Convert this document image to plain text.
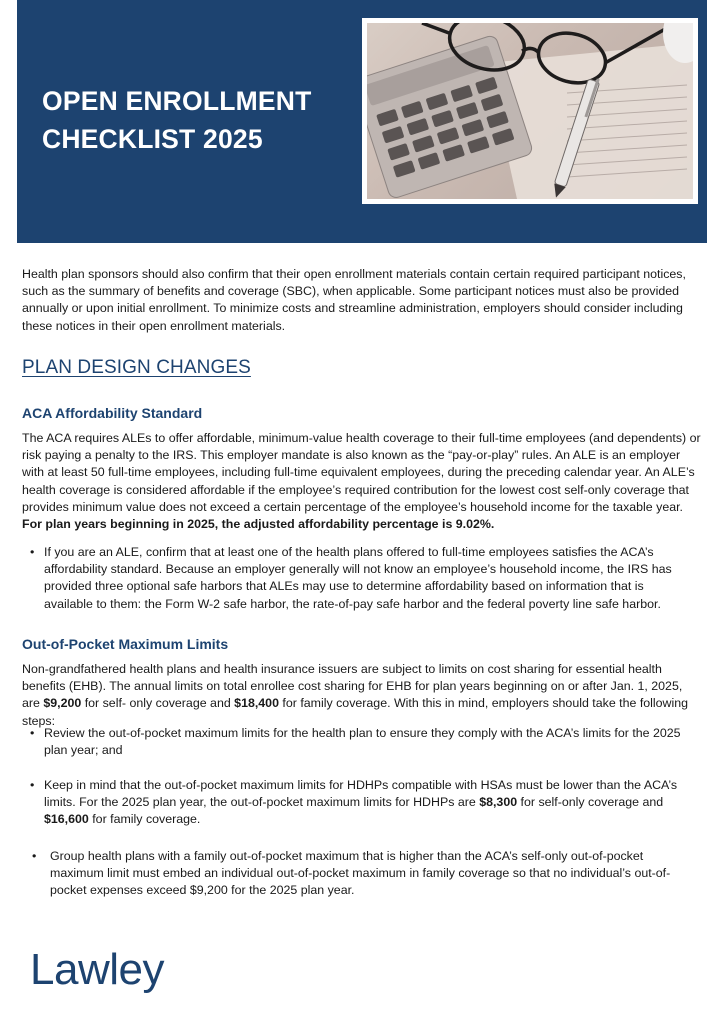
OPEN ENROLLMENT
CHECKLIST 2025
Health plan sponsors should also confirm that their open enrollment materials contain certain required participant notices, such as the summary of benefits and coverage (SBC), when applicable. Some participant notices must also be provided annually or upon initial enrollment. To minimize costs and streamline administration, employers should consider including these notices in their open enrollment materials.
PLAN DESIGN CHANGES
ACA Affordability Standard
The ACA requires ALEs to offer affordable, minimum-value health coverage to their full-time employees (and dependents) or risk paying a penalty to the IRS. This employer mandate is also known as the “pay-or-play” rules. An ALE is an employer with at least 50 full-time employees, including full-time equivalent employees, during the preceding calendar year. An ALE’s health coverage is considered affordable if the employee’s required contribution for the lowest cost self-only coverage that provides minimum value does not exceed a certain percentage of the employee’s household income for the taxable year. For plan years beginning in 2025, the adjusted affordability percentage is 9.02%.
• If you are an ALE, confirm that at least one of the health plans offered to full-time employees satisfies the ACA’s affordability standard. Because an employer generally will not know an employee’s household income, the IRS has provided three optional safe harbors that ALEs may use to determine affordability based on information that is available to them: the Form W-2 safe harbor, the rate-of-pay safe harbor and the federal poverty line safe harbor.
Out-of-Pocket Maximum Limits
Non-grandfathered health plans and health insurance issuers are subject to limits on cost sharing for essential health benefits (EHB). The annual limits on total enrollee cost sharing for EHB for plan years beginning on or after Jan. 1, 2025, are $9,200 for self- only coverage and $18,400 for family coverage. With this in mind, employers should take the following steps:
• Review the out-of-pocket maximum limits for the health plan to ensure they comply with the ACA’s limits for the 2025 plan year; and
• Keep in mind that the out-of-pocket maximum limits for HDHPs compatible with HSAs must be lower than the ACA’s limits. For the 2025 plan year, the out-of-pocket maximum limits for HDHPs are $8,300 for self-only coverage and $16,600 for family coverage.
• Group health plans with a family out-of-pocket maximum that is higher than the ACA’s self-only out-of-pocket maximum limit must embed an individual out-of-pocket maximum in family coverage so that no individual’s out-of-pocket expenses exceed $9,200 for the 2025 plan year.
Lawley
